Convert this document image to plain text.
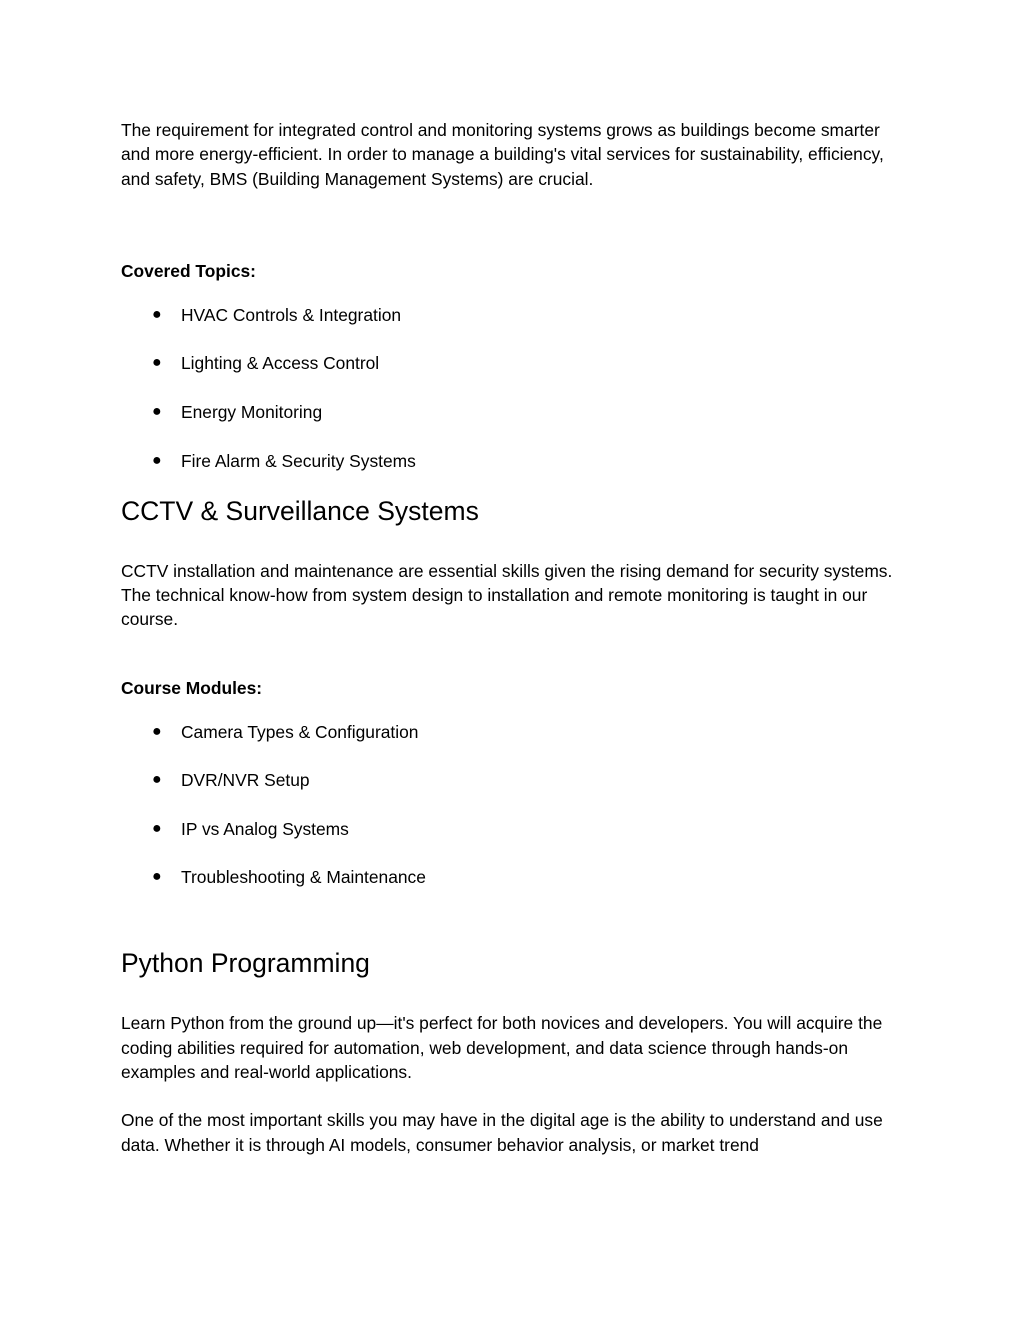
The requirement for integrated control and monitoring systems grows as buildings become smarter and more energy-efficient. In order to manage a building's vital services for sustainability, efficiency, and safety, BMS (Building Management Systems) are crucial.

Covered Topics:

● HVAC Controls & Integration
● Lighting & Access Control
● Energy Monitoring
● Fire Alarm & Security Systems
CCTV & Surveillance Systems

CCTV installation and maintenance are essential skills given the rising demand for security systems. The technical know-how from system design to installation and remote monitoring is taught in our course.

Course Modules:

● Camera Types & Configuration
● DVR/NVR Setup
● IP vs Analog Systems
● Troubleshooting & Maintenance
Python Programming

Learn Python from the ground up—it's perfect for both novices and developers. You will acquire the coding abilities required for automation, web development, and data science through hands-on examples and real-world applications.

One of the most important skills you may have in the digital age is the ability to understand and use data. Whether it is through AI models, consumer behavior analysis, or market trend
